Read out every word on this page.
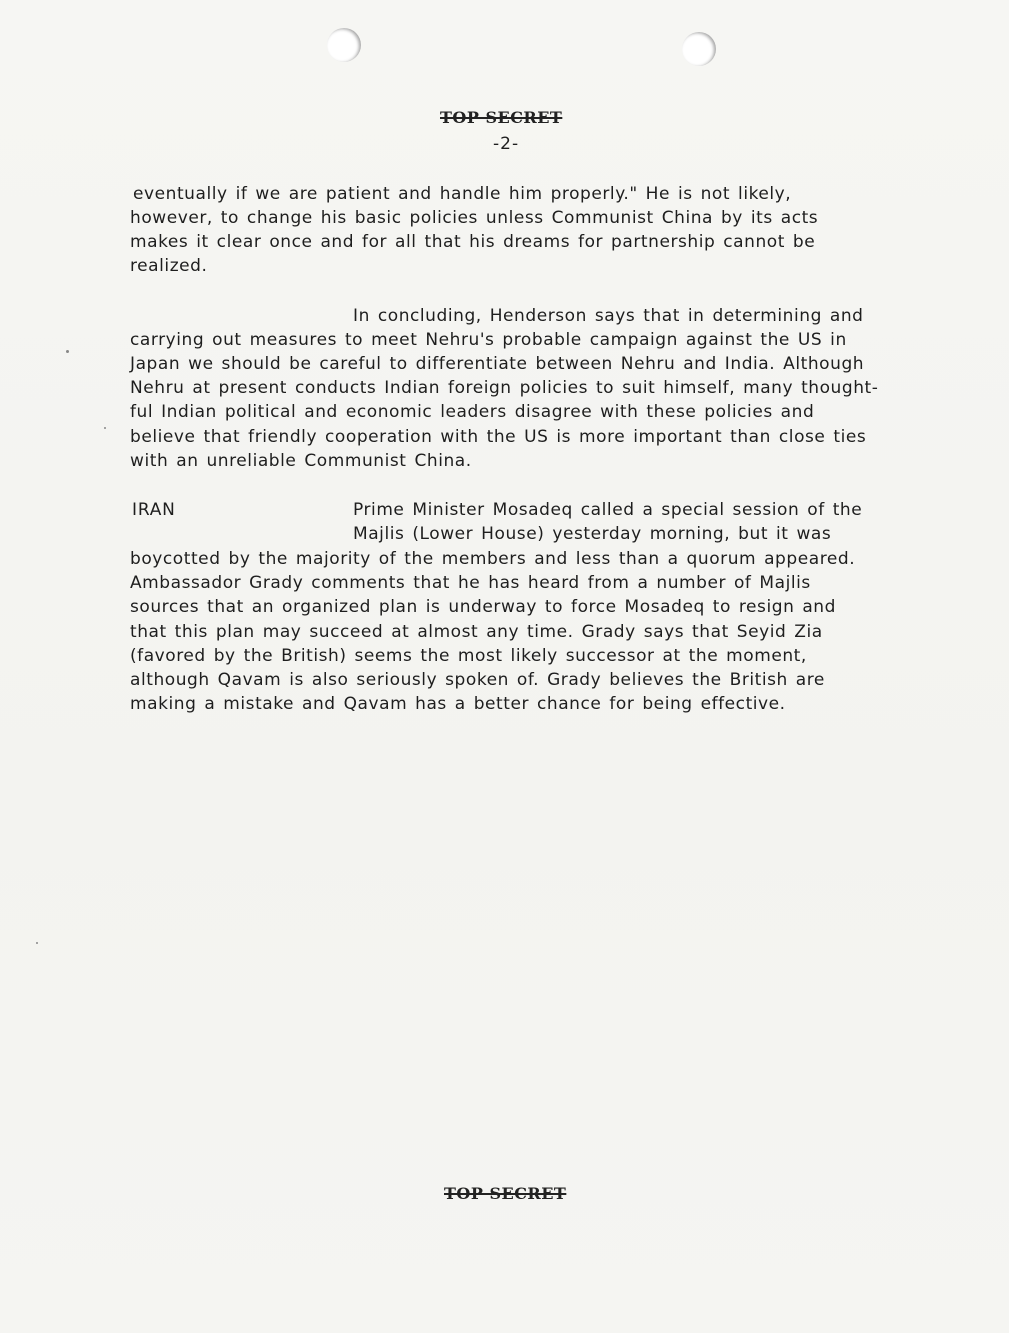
TOP SECRET
-2-
eventually if we are patient and handle him properly." He is not likely,
however, to change his basic policies unless Communist China by its acts
makes it clear once and for all that his dreams for partnership cannot be
realized.
In concluding, Henderson says that in determining and
carrying out measures to meet Nehru's probable campaign against the US in
Japan we should be careful to differentiate between Nehru and India. Although
Nehru at present conducts Indian foreign policies to suit himself, many thought-
ful Indian political and economic leaders disagree with these policies and
believe that friendly cooperation with the US is more important than close ties
with an unreliable Communist China.
IRAN	Prime Minister Mosadeq called a special session of the
Majlis (Lower House) yesterday morning, but it was
boycotted by the majority of the members and less than a quorum appeared.
Ambassador Grady comments that he has heard from a number of Majlis
sources that an organized plan is underway to force Mosadeq to resign and
that this plan may succeed at almost any time. Grady says that Seyid Zia
(favored by the British) seems the most likely successor at the moment,
although Qavam is also seriously spoken of. Grady believes the British are
making a mistake and Qavam has a better chance for being effective.
TOP SECRET
